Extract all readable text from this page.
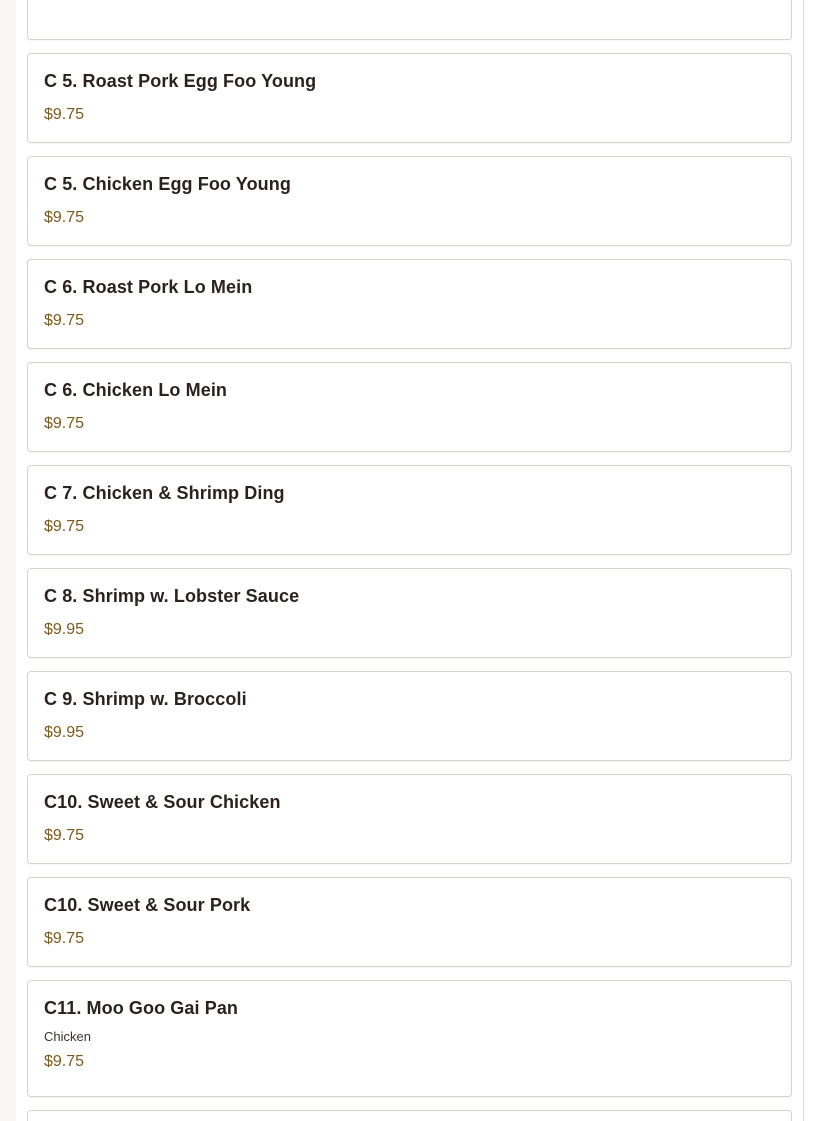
C 5. Roast Pork Egg Foo Young
$9.75
C 5. Chicken Egg Foo Young
$9.75
C 6. Roast Pork Lo Mein
$9.75
C 6. Chicken Lo Mein
$9.75
C 7. Chicken & Shrimp Ding
$9.75
C 8. Shrimp w. Lobster Sauce
$9.95
C 9. Shrimp w. Broccoli
$9.95
C10. Sweet & Sour Chicken
$9.75
C10. Sweet & Sour Pork
$9.75
C11. Moo Goo Gai Pan
Chicken
$9.75
